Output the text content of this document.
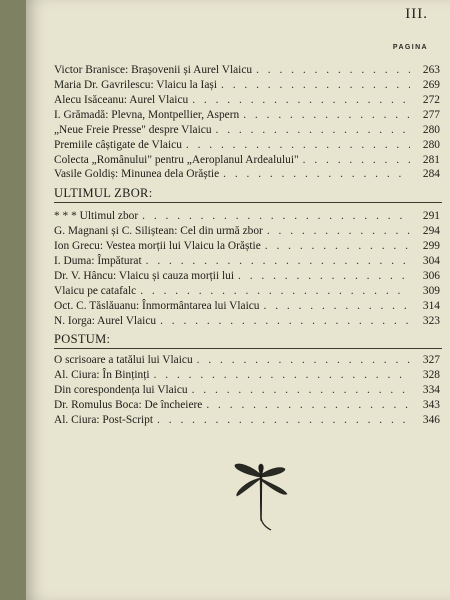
III.
PAGINA
Victor Branisce: Brașovenii și Aurel Vlaicu . . .	263
Maria Dr. Gavrilescu: Vlaicu la Iași . . .	269
Alecu Isăceanu: Aurel Vlaicu . . .	272
I. Grămadă: Plevna, Montpellier, Aspern . . .	277
„Neue Freie Presse" despre Vlaicu . . .	280
Premiile câștigate de Vlaicu . . .	280
Colecta „Românului" pentru „Aeroplanul Ardealului" . . .	281
Vasile Goldiș: Minunea dela Orăștie . . .	284
ULTIMUL ZBOR:
* * * Ultimul zbor . . .	291
G. Magnani și C. Siliștean: Cel din urmă zbor . . .	294
Ion Grecu: Vestea morții lui Vlaicu la Orăștie . . .	299
I. Duma: Împăturat . . .	304
Dr. V. Hâncu: Vlaicu și cauza morții lui . . .	306
Vlaicu pe catafalc . . .	309
Oct. C. Tăslăuanu: Înmormântarea lui Vlaicu . . .	314
N. Iorga: Aurel Vlaicu . . .	323
POSTUM:
O scrisoare a tatălui lui Vlaicu . . .	327
Al. Ciura: În Binținți . . .	328
Din corespondența lui Vlaicu . . .	334
Dr. Romulus Boca: De încheiere . . .	343
Al. Ciura: Post-Script . . .	346
